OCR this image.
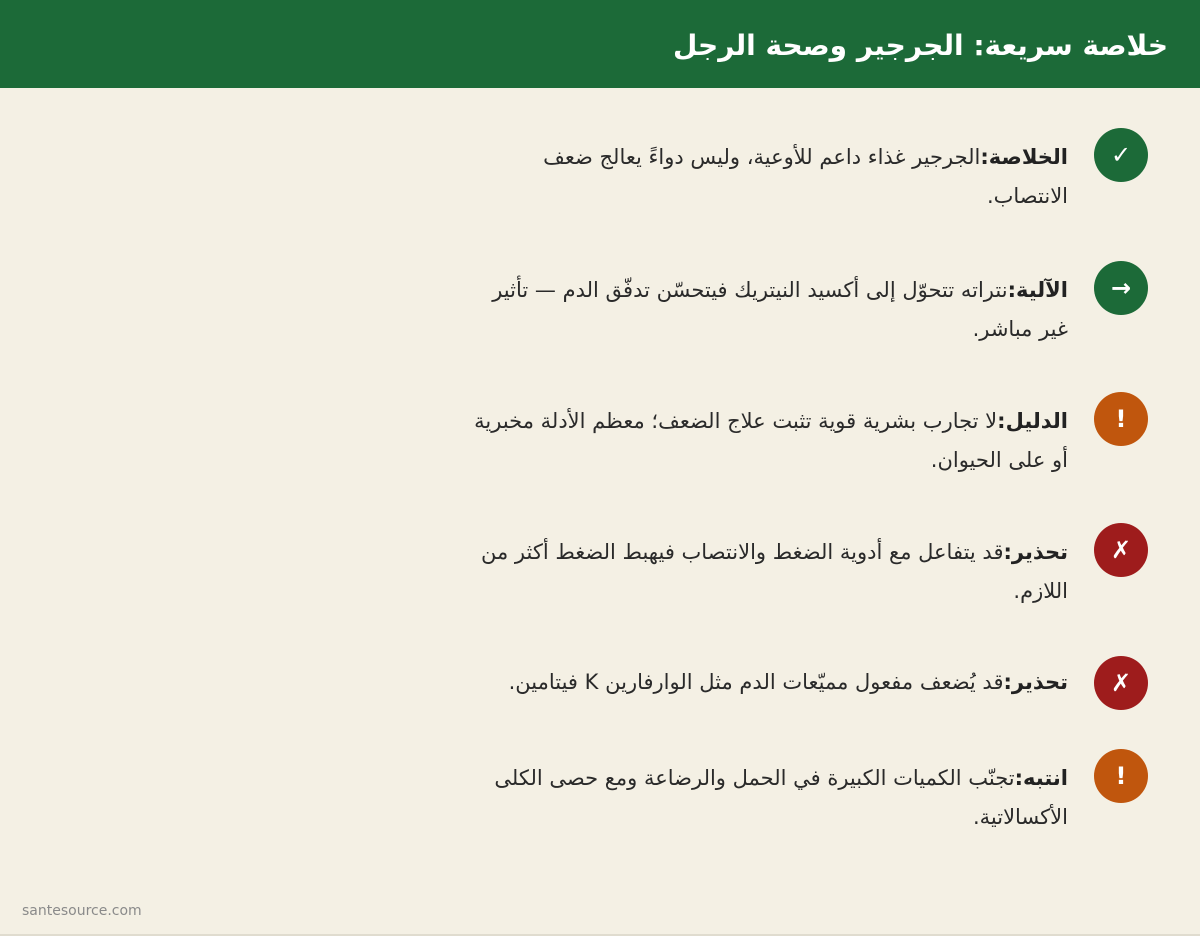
خلاصة سريعة: الجرجير وصحة الرجل
✓
الخلاصة:الجرجير غذاء داعم للأوعية، وليس دواءً يعالج ضعف الانتصاب.
→
الآلية:نتراته تتحوّل إلى أكسيد النيتريك فيتحسّن تدفّق الدم — تأثير غير مباشر.
!
الدليل:لا تجارب بشرية قوية تثبت علاج الضعف؛ معظم الأدلة مخبرية أو على الحيوان.
✗
تحذير:قد يتفاعل مع أدوية الضغط والانتصاب فيهبط الضغط أكثر من اللازم.
✗
تحذير:قد يُضعف مفعول مميّعات الدم مثل الوارفارين K فيتامين.
!
انتبه:تجنّب الكميات الكبيرة في الحمل والرضاعة ومع حصى الكلى الأكسالاتية.
santesource.com
